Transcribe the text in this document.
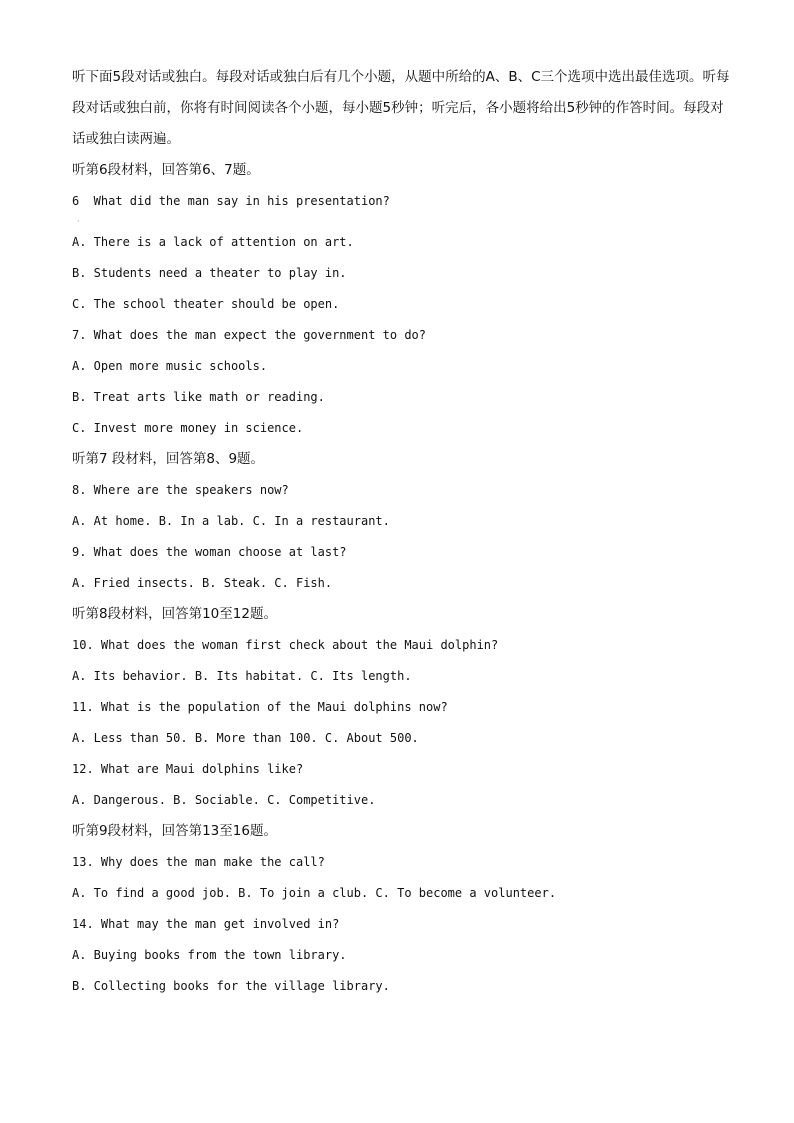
听下面5段对话或独白。每段对话或独白后有几个小题，从题中所给的A、B、C三个选项中选出最佳选项。听每段对话或独白前，你将有时间阅读各个小题，每小题5秒钟；听完后，各小题将给出5秒钟的作答时间。每段对话或独白读两遍。
听第6段材料，回答第6、7题。
6  What did the man say in his presentation?
·
A. There is a lack of attention on art.
B. Students need a theater to play in.
C. The school theater should be open.
7. What does the man expect the government to do?
A. Open more music schools.
B. Treat arts like math or reading.
C. Invest more money in science.
听第7 段材料，回答第8、9题。
8. Where are the speakers now?
A. At home. B. In a lab. C. In a restaurant.
9. What does the woman choose at last?
A. Fried insects. B. Steak. C. Fish.
听第8段材料，回答第10至12题。
10. What does the woman first check about the Maui dolphin?
A. Its behavior. B. Its habitat. C. Its length.
11. What is the population of the Maui dolphins now?
A. Less than 50. B. More than 100. C. About 500.
12. What are Maui dolphins like?
A. Dangerous. B. Sociable. C. Competitive.
听第9段材料，回答第13至16题。
13. Why does the man make the call?
A. To find a good job. B. To join a club. C. To become a volunteer.
14. What may the man get involved in?
A. Buying books from the town library.
B. Collecting books for the village library.
